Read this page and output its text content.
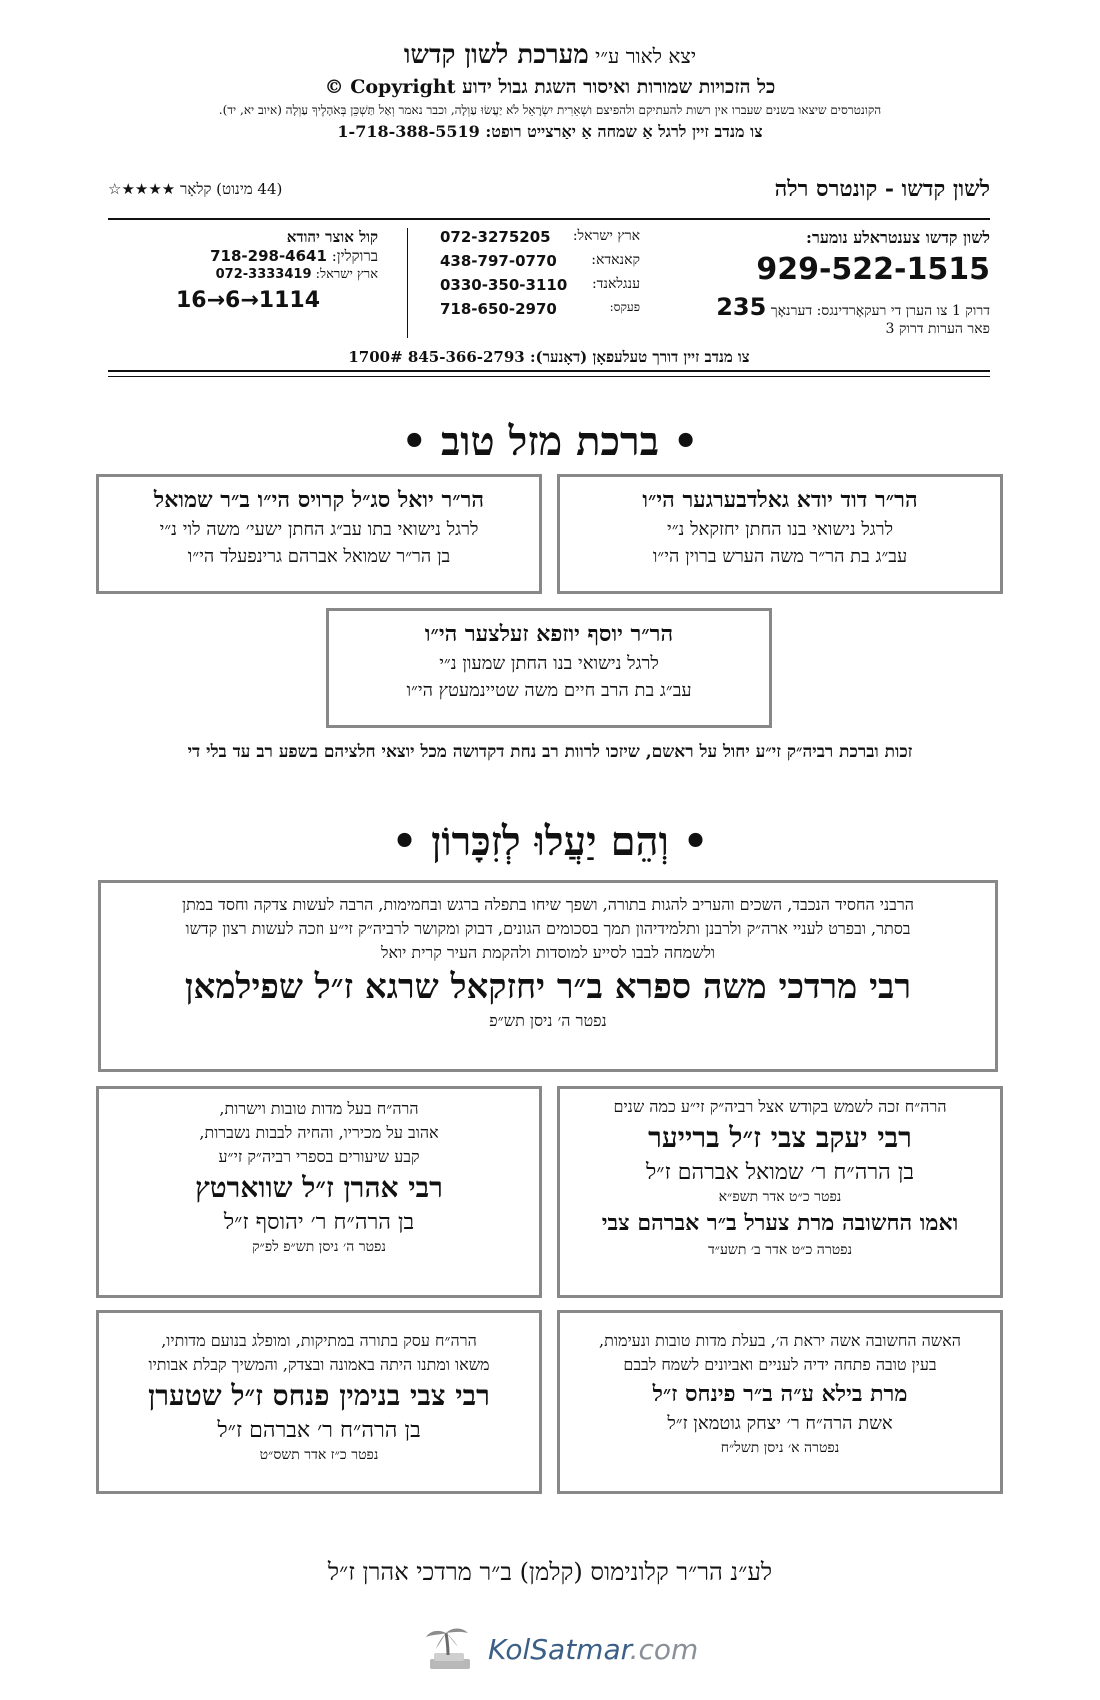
יצא לאור ע״י מערכת לשון קדשו
כל הזכויות שמורות ואיסור השגת גבול ידוע Copyright ©
הקונטרסים שיצאו בשנים שעברו אין רשות להעתיקם ולהפיצם ושְׁאֵרִית יִשְׂרָאֵל לֹא יַעֲשׂוּ עַוְלָה, וכבר נאמר וְאַל תַּשְׁכֵּן בְּאֹהָלֶיךָ עַוְלָה (איוב יא, יד).
צו מנדב זיין לרגל אַ שמחה אַ יאַרצייט רופט: 1-718-388-5519
לשון קדשו - קונטרס רלה
(44 מינוט) קלאָר ★★★★☆
לשון קדשו צענטראלע נומער:
929-522-1515
דרוק 1 צו הערן די רעקאָרדינגס: דערנאָך 235
פאר הערות דרוק 3
ארץ ישראל:
072-3275205
קאנאדא:
438-797-0770
ענגלאנד:
0330-350-3110
פעקס:
718-650-2970
קול אוצר יהודא
ברוקלין: 718-298-4641
ארץ ישראל: 072-3333419
16→6→1114
צו מנדב זיין דורך טעלעפאָן (דאָנער): 845-366-2793 1700#
• ברכת מזל טוב •
הר״ר דוד יודא גאלדבערגער הי״ו
לרגל נישואי בנו החתן יחזקאל נ״י
עב״ג בת הר״ר משה הערש ברוין הי״ו
הר״ר יואל סג״ל קרויס הי״ו ב״ר שמואל
לרגל נישואי בתו עב״ג החתן ישעי׳ משה לוי נ״י
בן הר״ר שמואל אברהם גרינפעלד הי״ו
הר״ר יוסף יוזפא זעלצער הי״ו
לרגל נישואי בנו החתן שמעון נ״י
עב״ג בת הרב חיים משה שטיינמעטץ הי״ו
זכות וברכת רביה״ק זי״ע יחול על ראשם, שיזכו לרוות רב נחת דקדושה מכל יוצאי חלציהם בשפע רב עד בלי די
• וְהֵם יַעֲלוּ לְזִכָּרוֹן •
הרבני החסיד הנכבד, השכים והעריב להגות בתורה, ושפך שיחו בתפלה ברגש ובחמימות, הרבה לעשות צדקה וחסד במתן
בסתר, ובפרט לעניי ארה״ק ולרבנן ותלמידיהון תמך בסכומים הגונים, דבוק ומקושר לרביה״ק זי״ע וזכה לעשות רצון קדשו
ולשמחה לבבו לסייע למוסדות ולהקמת העיר קרית יואל
רבי מרדכי משה ספרא ב״ר יחזקאל שרגא ז״ל שפילמאן
נפטר ה׳ ניסן תש״פ
הרה״ח זכה לשמש בקודש אצל רביה״ק זי״ע כמה שנים
רבי יעקב צבי ז״ל ברייער
בן הרה״ח ר׳ שמואל אברהם ז״ל
נפטר כ״ט אדר תשפ״א
ואמו החשובה מרת צערל ב״ר אברהם צבי
נפטרה כ״ט אדר ב׳ תשע״ד
הרה״ח בעל מדות טובות וישרות,
אהוב על מכיריו, והחיה לבבות נשברות,
קבע שיעורים בספרי רביה״ק זי״ע
רבי אהרן ז״ל שווארטץ
בן הרה״ח ר׳ יהוסף ז״ל
נפטר ה׳ ניסן תש״פ לפ״ק
האשה החשובה אשה יראת ה׳, בעלת מדות טובות ונעימות,
בעין טובה פתחה ידיה לעניים ואביונים לשמח לבבם
מרת בילא ע״ה ב״ר פינחס ז״ל
אשת הרה״ח ר׳ יצחק גוטמאן ז״ל
נפטרה א׳ ניסן תשל״ח
הרה״ח עסק בתורה במתיקות, ומופלג בנועם מדותיו,
משאו ומתנו היתה באמונה ובצדק, והמשיך קבלת אבותיו
רבי צבי בנימין פנחס ז״ל שטערן
בן הרה״ח ר׳ אברהם ז״ל
נפטר כ״ז אדר תשס״ט
לע״נ הר״ר קלונימוס (קלמן) ב״ר מרדכי אהרן ז״ל
KolSatmar.com
